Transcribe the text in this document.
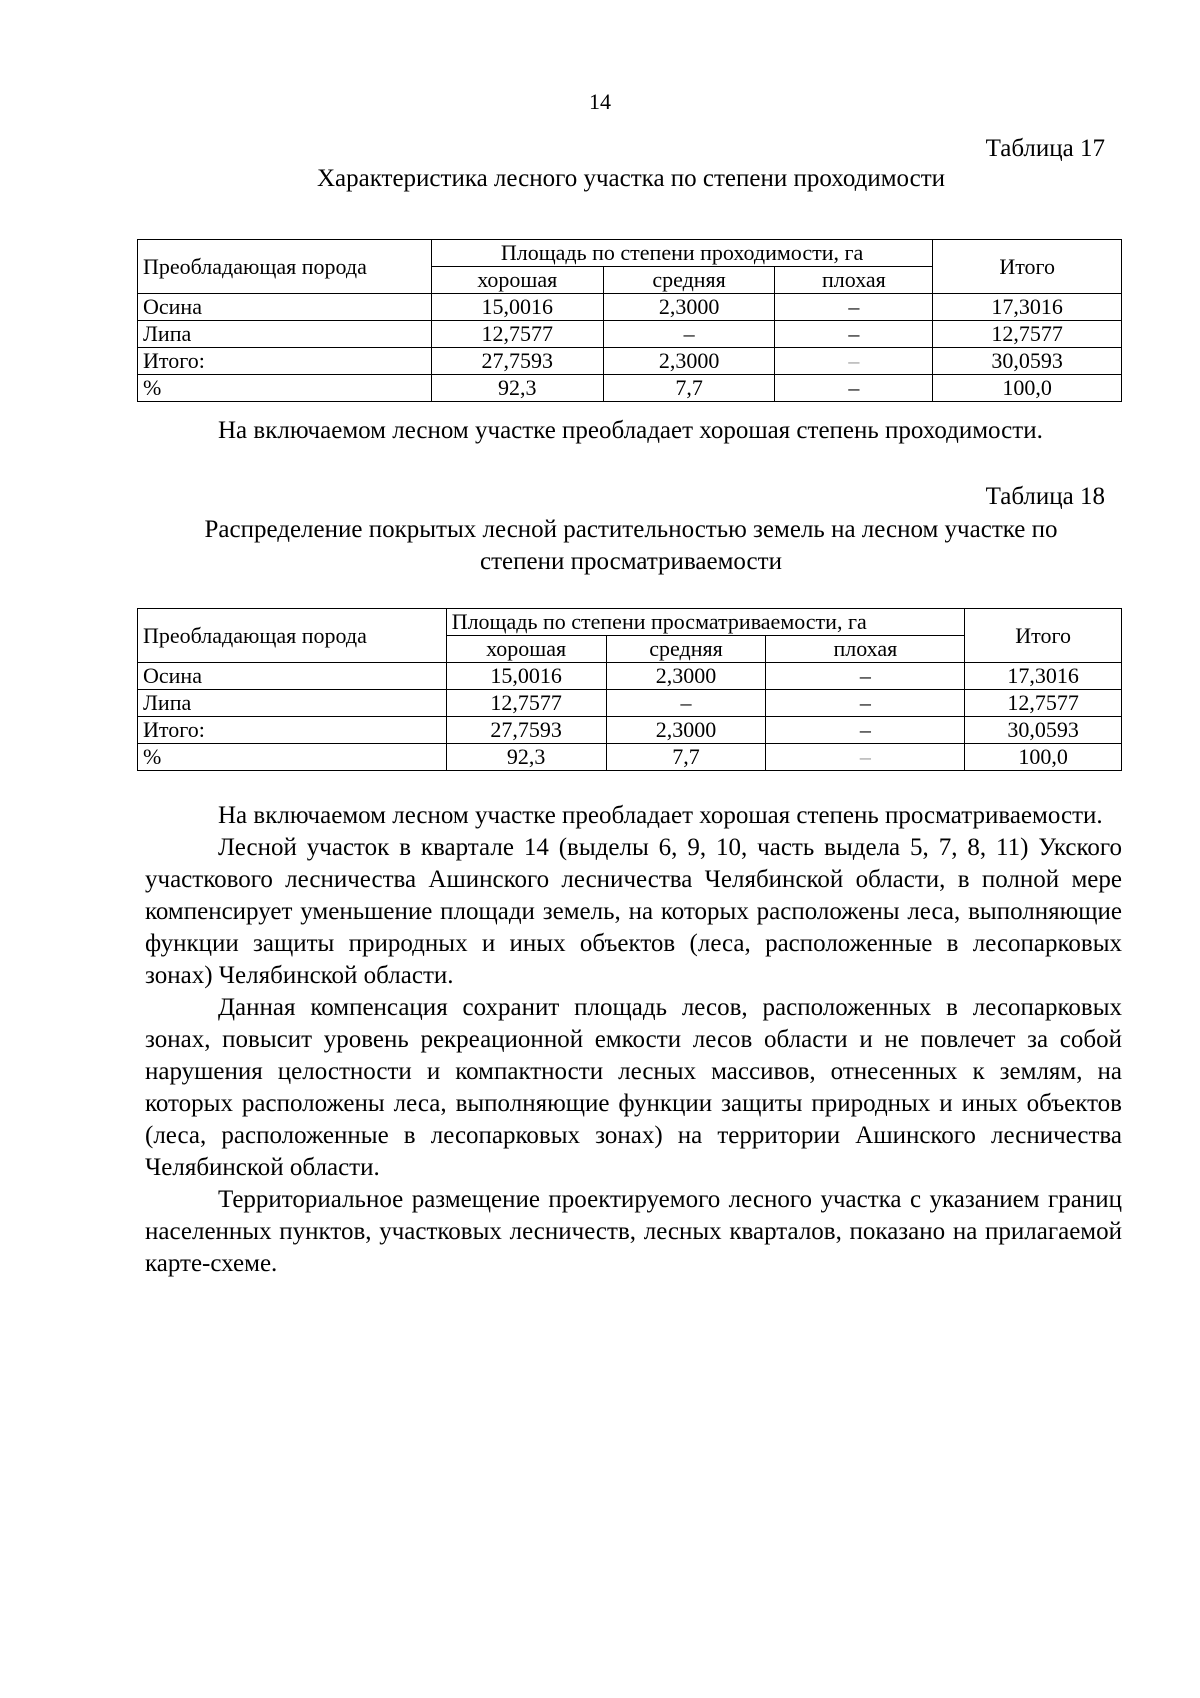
14
Таблица 17
Характеристика лесного участка по степени проходимости
Преобладающая порода	Площадь по степени проходимости, га			Итого
	хорошая	средняя	плохая	
Осина	15,0016	2,3000	–	17,3016
Липа	12,7577	–	–	12,7577
Итого:	27,7593	2,3000	–	30,0593
%	92,3	7,7	–	100,0

На включаемом лесном участке преобладает хорошая степень проходимости.

Таблица 18
Распределение покрытых лесной растительностью земель на лесном участке по
степени просматриваемости
Преобладающая порода	Площадь по степени просматриваемости, га			Итого
	хорошая	средняя	плохая	
Осина	15,0016	2,3000	–	17,3016
Липа	12,7577	–	–	12,7577
Итого:	27,7593	2,3000	–	30,0593
%	92,3	7,7	–	100,0

На включаемом лесном участке преобладает хорошая степень просматриваемости.

Лесной участок в квартале 14 (выделы 6, 9, 10, часть выдела 5, 7, 8, 11) Укского участкового лесничества Ашинского лесничества Челябинской области, в полной мере компенсирует уменьшение площади земель, на которых расположены леса, выполняющие функции защиты природных и иных объектов (леса, расположенные в лесопарковых зонах) Челябинской области.

Данная компенсация сохранит площадь лесов, расположенных в лесопарковых зонах, повысит уровень рекреационной емкости лесов области и не повлечет за собой нарушения целостности и компактности лесных массивов, отнесенных к землям, на которых расположены леса, выполняющие функции защиты природных и иных объектов (леса, расположенные в лесопарковых зонах) на территории Ашинского лесничества Челябинской области.

Территориальное размещение проектируемого лесного участка с указанием границ населенных пунктов, участковых лесничеств, лесных кварталов, показано на прилагаемой карте-схеме.
